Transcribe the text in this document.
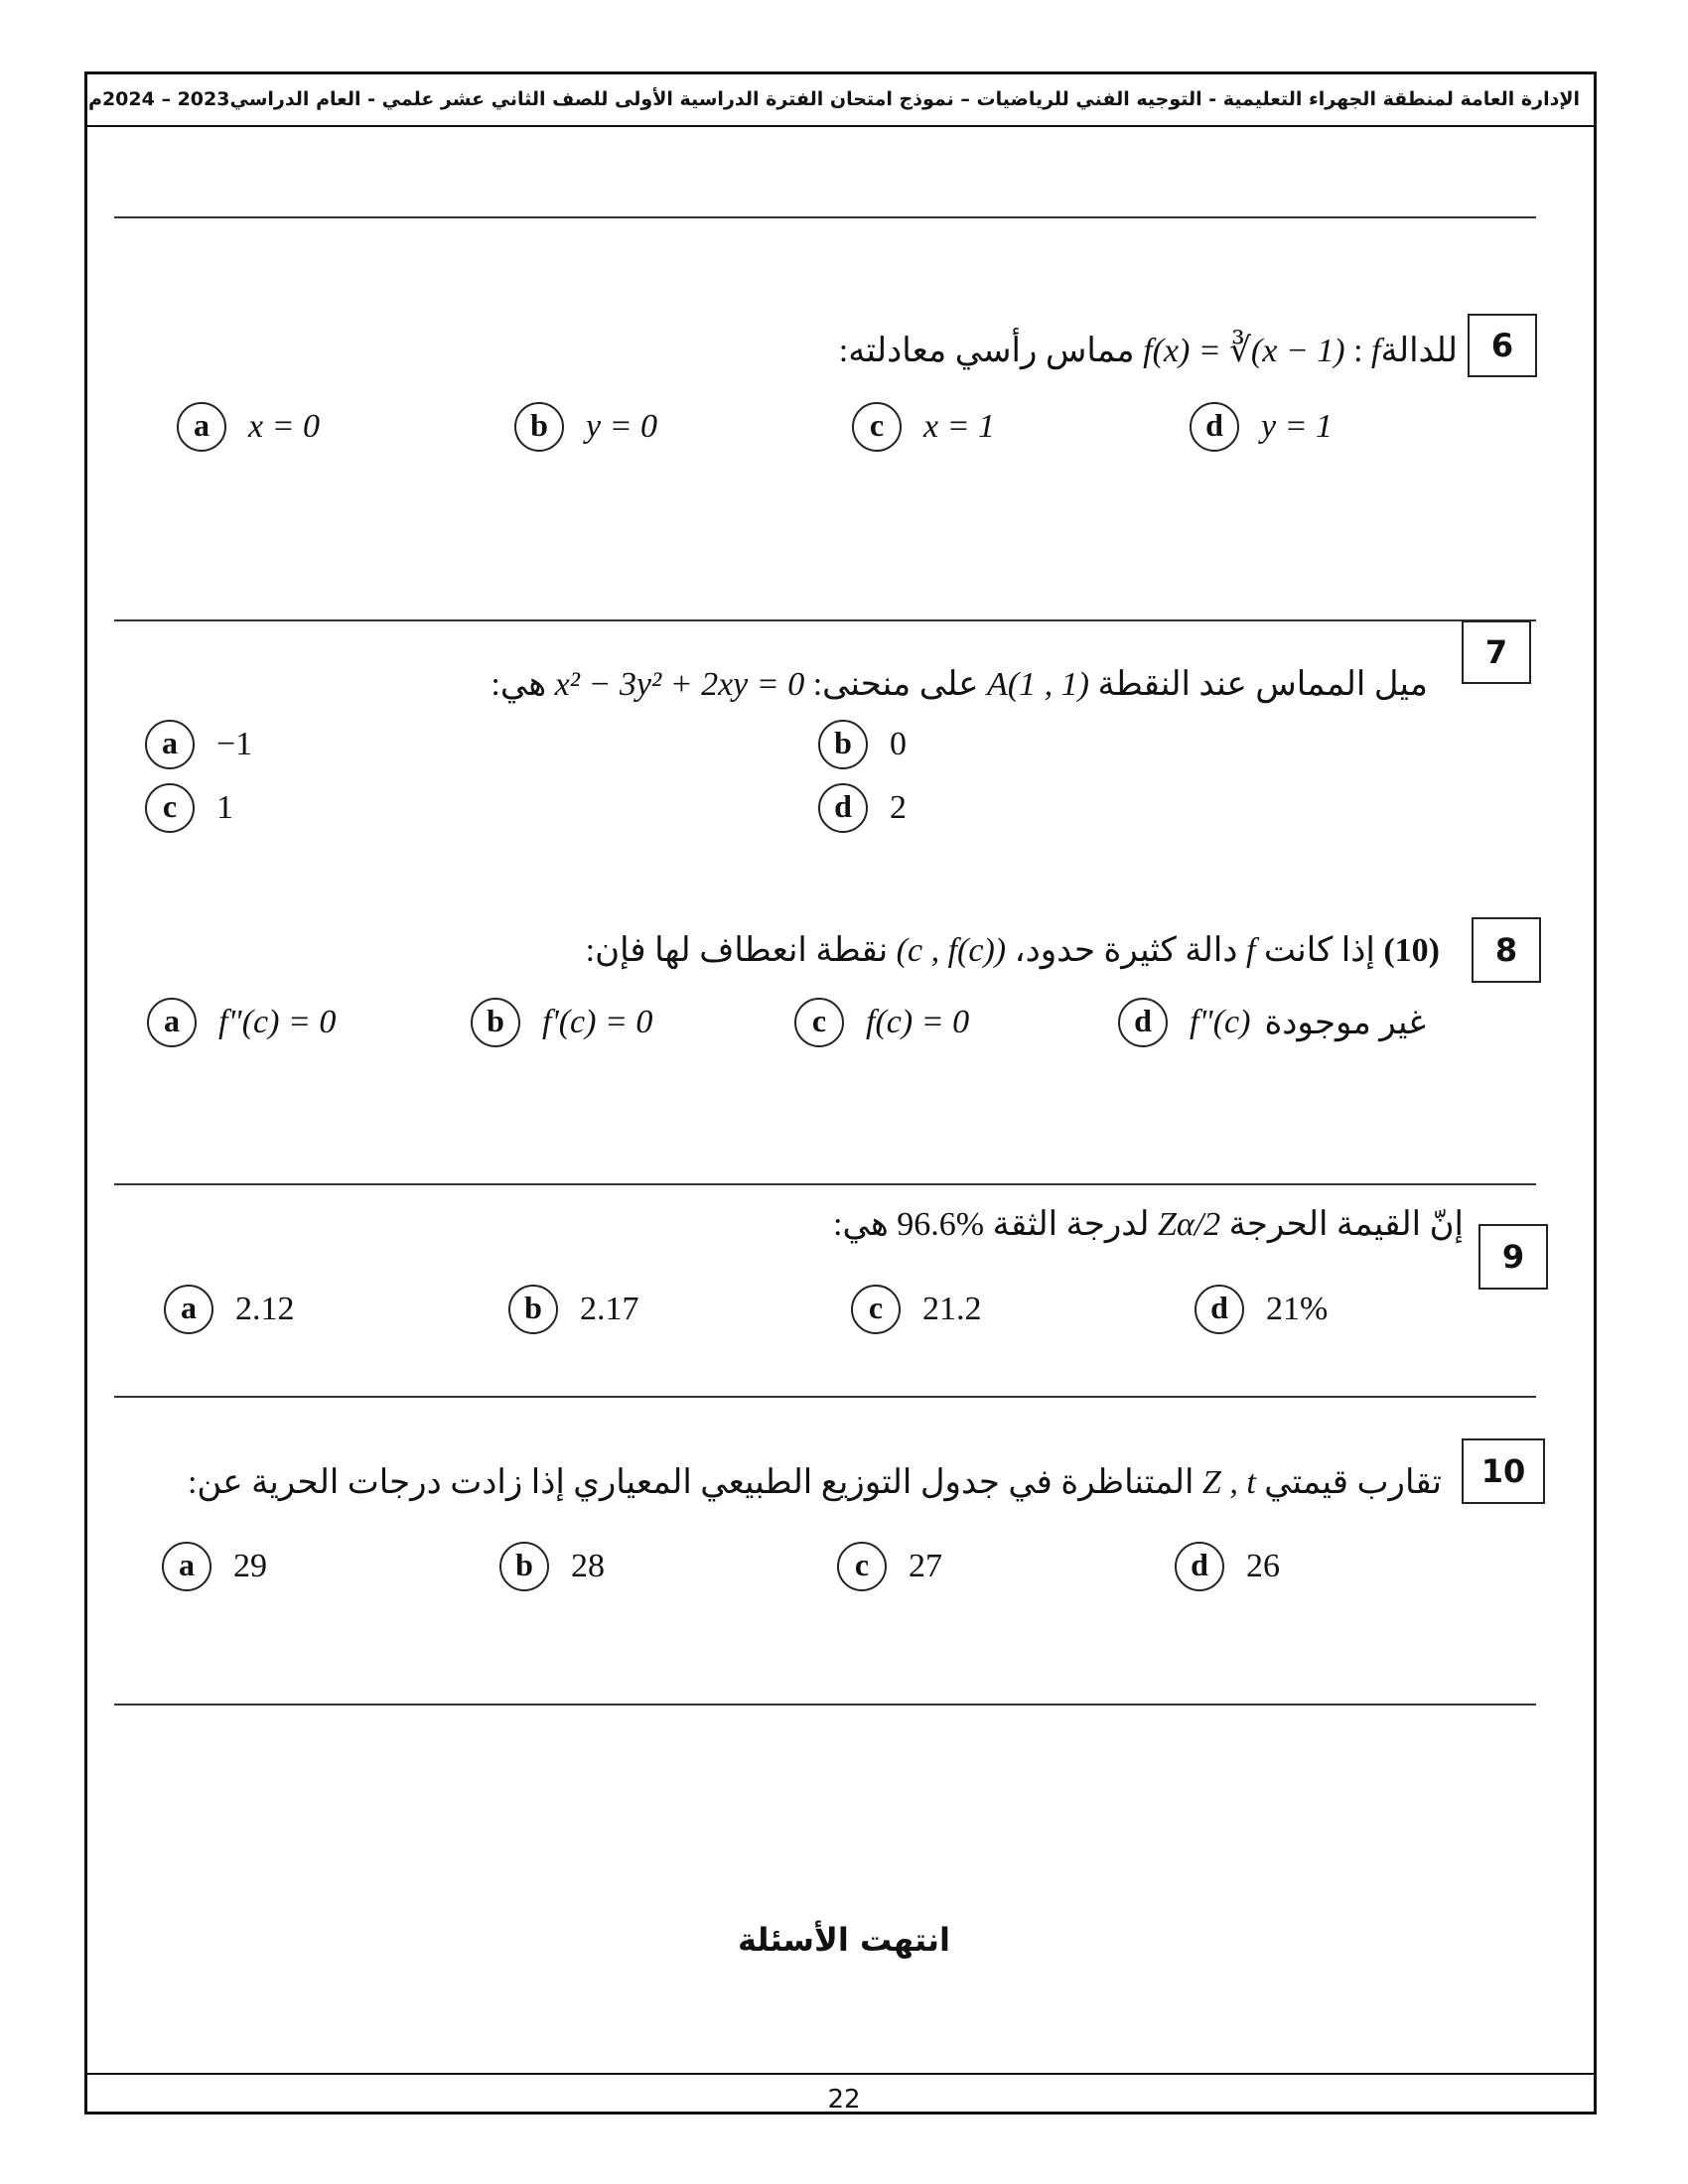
الإدارة العامة لمنطقة الجهراء التعليمية - التوجيه الفني للرياضيات – نموذج امتحان الفترة الدراسية الأولى للصف الثاني عشر علمي - العام الدراسي2023 – 2024م
6
للدالةf : f(x) = ∛(x − 1) مماس رأسي معادلته:
a	x = 0	b	y = 0	c	x = 1	d	y = 1
7
ميل المماس عند النقطة A(1 , 1) على منحنى: x² − 3y² + 2xy = 0 هي:
a	−1	b	0
c	1	d	2
8
(10) إذا كانت f دالة كثيرة حدود، (c , f(c)) نقطة انعطاف لها فإن:
a	f"(c) = 0	b	f'(c) = 0	c	f(c) = 0	d	f"(c) غير موجودة
9
إنّ القيمة الحرجة Zα/2 لدرجة الثقة 96.6% هي:
a	2.12	b	2.17	c	21.2	d	21%
10
تقارب قيمتي Z , t المتناظرة في جدول التوزيع الطبيعي المعياري إذا زادت درجات الحرية عن:
a	29	b	28	c	27	d	26
انتهت الأسئلة
22
